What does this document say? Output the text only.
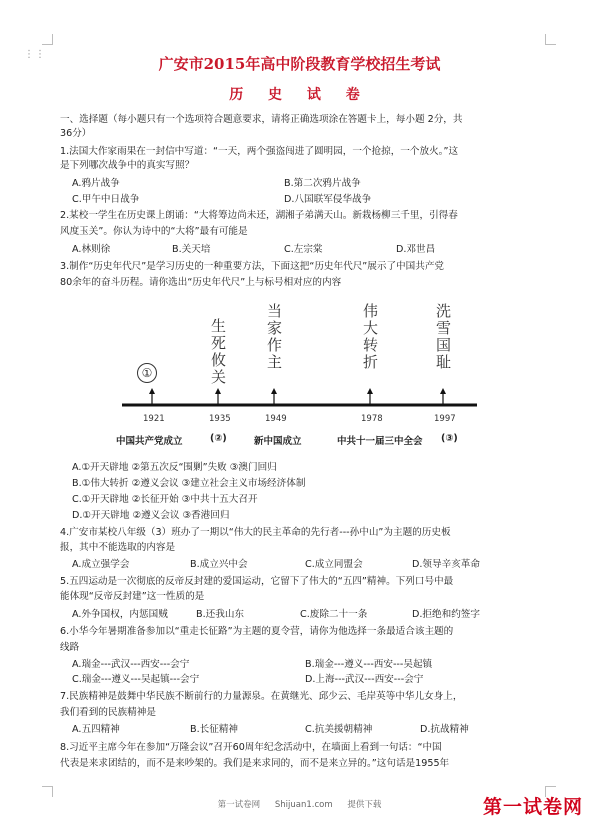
⋮⋮
广安市2015年高中阶段教育学校招生考试
历 史 试 卷
一、选择题（每小题只有一个选项符合题意要求，请将正确选项涂在答题卡上，每小题 2分，共
36分）
1.法国大作家雨果在一封信中写道：“一天，两个强盗闯进了圆明园，一个抢掠，一个放火。”这
是下列哪次战争中的真实写照？
A.鸦片战争	B.第二次鸦片战争
C.甲午中日战争	D.八国联军侵华战争
2.某校一学生在历史课上朗诵：“大将筹边尚未还，湖湘子弟满天山。新栽杨柳三千里，引得春
风度玉关”。你认为诗中的“大将”最有可能是
A.林则徐	B.关天培	C.左宗棠	D.邓世昌
3.制作“历史年代尺”是学习历史的一种重要方法，下面这把“历史年代尺”展示了中国共产党
80余年的奋斗历程。请你选出“历史年代尺”上与标号相对应的内容
①
生死攸关
当家作主
伟大转折
洗雪国耻
1921	1935	1949	1978	1997
中国共产党成立	(②)	新中国成立	中共十一届三中全会 (③)
A.①开天辟地 ②第五次反“围剿”失败 ③澳门回归
B.①伟大转折 ②遵义会议 ③建立社会主义市场经济体制
C.①开天辟地 ②长征开始 ③中共十五大召开
D.①开天辟地 ②遵义会议 ③香港回归
4.广安市某校八年级（3）班办了一期以“伟大的民主革命的先行者---孙中山”为主题的历史板
报，其中不能选取的内容是
A.成立强学会	B.成立兴中会	C.成立同盟会	D.领导辛亥革命
5.五四运动是一次彻底的反帝反封建的爱国运动，它留下了伟大的“五四”精神。下列口号中最
能体现“反帝反封建”这一性质的是
A.外争国权，内惩国贼	B.还我山东	C.废除二十一条	D.拒绝和约签字
6.小华今年暑期准备参加以“重走长征路”为主题的夏令营，请你为他选择一条最适合该主题的
线路
A.瑞金---武汉---西安---会宁	B.瑞金---遵义---西安---吴起镇
C.瑞金---遵义---吴起镇---会宁	D.上海---武汉---西安---会宁
7.民族精神是鼓舞中华民族不断前行的力量源泉。在黄继光、邱少云、毛岸英等中华儿女身上，
我们看到的民族精神是
A.五四精神	B.长征精神	C.抗美援朝精神	D.抗战精神
8.习近平主席今年在参加“万隆会议”召开60周年纪念活动中，在墙面上看到一句话：“中国
代表是来求团结的，而不是来吵架的。我们是来求同的，而不是来立异的。”这句话是1955年
第一试卷网 Shijuan1.com 提供下载	第一试卷网
